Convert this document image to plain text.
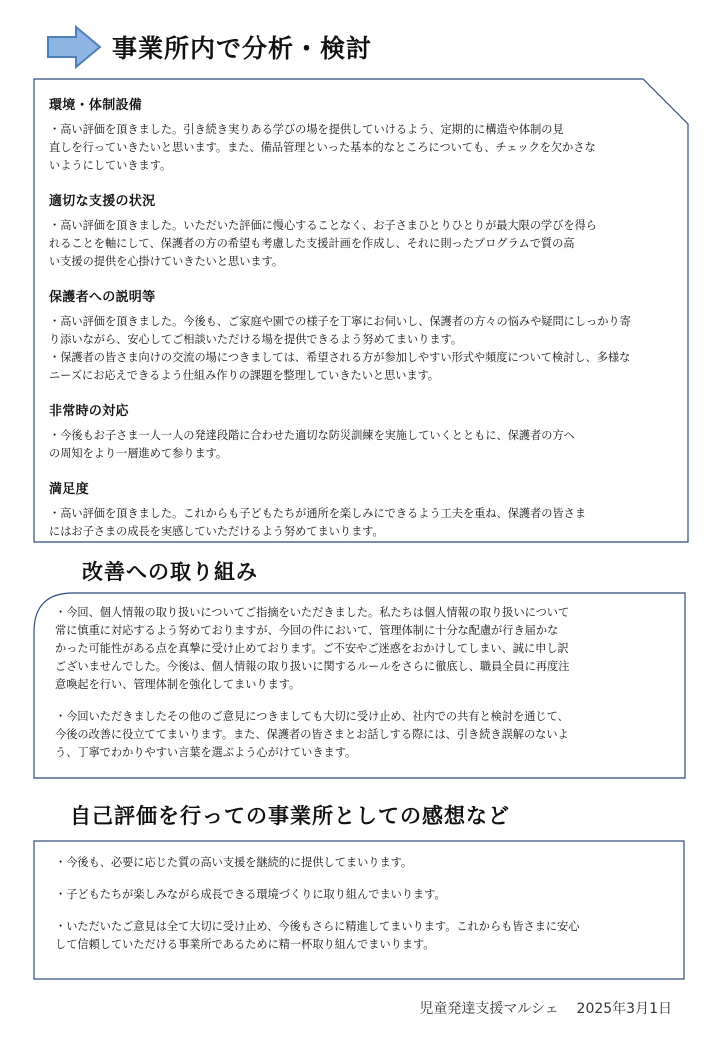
事業所内で分析・検討
環境・体制設備

・高い評価を頂きました。引き続き実りある学びの場を提供していけるよう、定期的に構造や体制の見
直しを行っていきたいと思います。また、備品管理といった基本的なところについても、チェックを欠かさな
いようにしていきます。

適切な支援の状況

・高い評価を頂きました。いただいた評価に慢心することなく、お子さまひとりひとりが最大限の学びを得ら
れることを軸にして、保護者の方の希望も考慮した支援計画を作成し、それに則ったプログラムで質の高
い支援の提供を心掛けていきたいと思います。

保護者への説明等

・高い評価を頂きました。今後も、ご家庭や園での様子を丁寧にお伺いし、保護者の方々の悩みや疑問にしっかり寄
り添いながら、安心してご相談いただける場を提供できるよう努めてまいります。
・保護者の皆さま向けの交流の場につきましては、希望される方が参加しやすい形式や頻度について検討し、多様な
ニーズにお応えできるよう仕組み作りの課題を整理していきたいと思います。

非常時の対応

・今後もお子さま一人一人の発達段階に合わせた適切な防災訓練を実施していくとともに、保護者の方へ
の周知をより一層進めて参ります。

満足度

・高い評価を頂きました。これからも子どもたちが通所を楽しみにできるよう工夫を重ね、保護者の皆さま
にはお子さまの成長を実感していただけるよう努めてまいります。

改善への取り組み

・今回、個人情報の取り扱いについてご指摘をいただきました。私たちは個人情報の取り扱いについて
常に慎重に対応するよう努めておりますが、今回の件において、管理体制に十分な配慮が行き届かな
かった可能性がある点を真摯に受け止めております。ご不安やご迷惑をおかけしてしまい、誠に申し訳
ございませんでした。今後は、個人情報の取り扱いに関するルールをさらに徹底し、職員全員に再度注
意喚起を行い、管理体制を強化してまいります。

・今回いただきましたその他のご意見につきましても大切に受け止め、社内での共有と検討を通じて、
今後の改善に役立ててまいります。また、保護者の皆さまとお話しする際には、引き続き誤解のないよ
う、丁寧でわかりやすい言葉を選ぶよう心がけていきます。

自己評価を行っての事業所としての感想など

・今後も、必要に応じた質の高い支援を継続的に提供してまいります。

・子どもたちが楽しみながら成長できる環境づくりに取り組んでまいります。

・いただいたご意見は全て大切に受け止め、今後もさらに精進してまいります。これからも皆さまに安心
して信頼していただける事業所であるために精一杯取り組んでまいります。

児童発達支援マルシェ 2025年3月1日
